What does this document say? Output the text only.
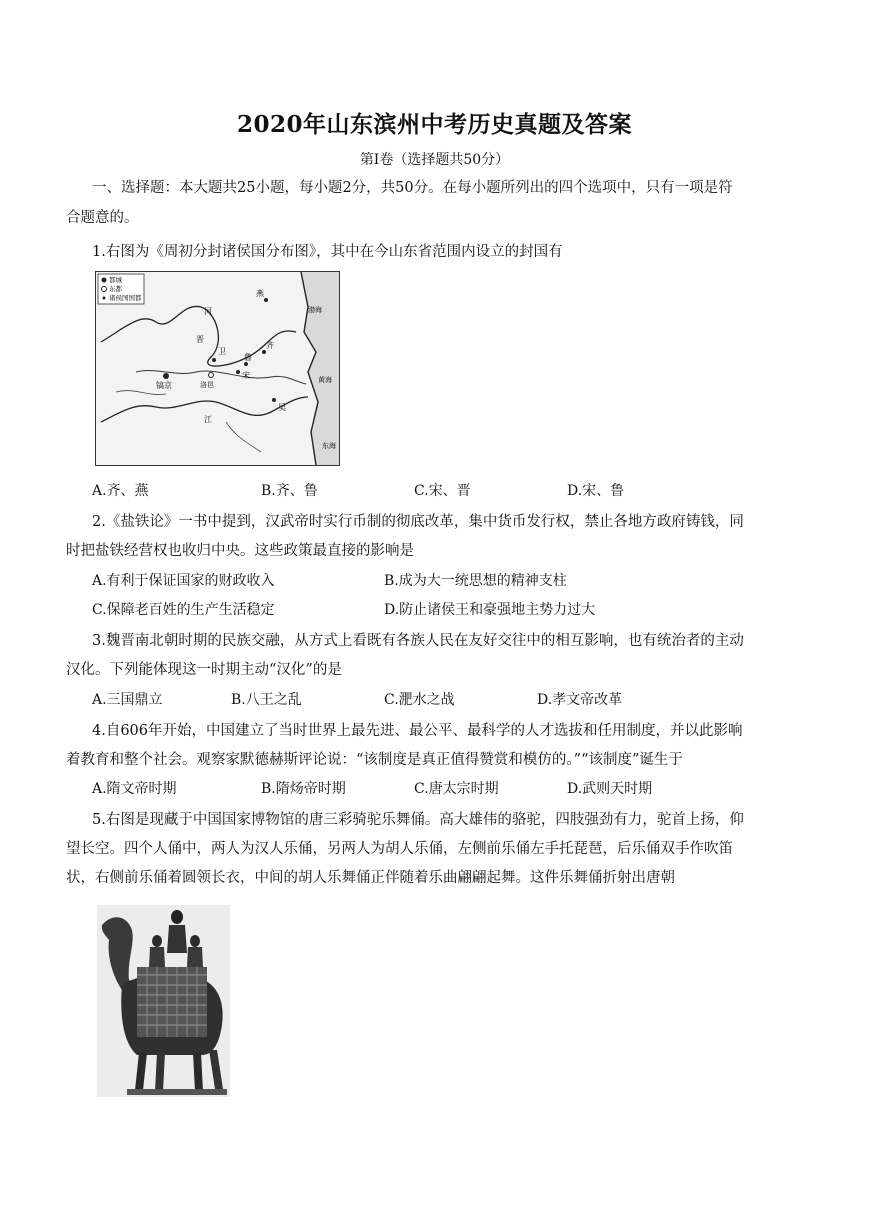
2020年山东滨州中考历史真题及答案
第Ⅰ卷（选择题共50分）
一、选择题：本大题共25小题，每小题2分，共50分。在每小题所列出的四个选项中，只有一项是符
合题意的。
1.右图为《周初分封诸侯国分布图》，其中在今山东省范围内设立的封国有
都城
东都
诸侯国国都	燕
齐
鲁
宋
卫
晋
吴
镐京	洛邑
河
江
黄海
东海
渤海
A.齐、燕	B.齐、鲁	C.宋、晋	D.宋、鲁
2.《盐铁论》一书中提到，汉武帝时实行币制的彻底改革，集中货币发行权，禁止各地方政府铸钱，同
时把盐铁经营权也收归中央。这些政策最直接的影响是
A.有利于保证国家的财政收入	B.成为大一统思想的精神支柱
C.保障老百姓的生产生活稳定	D.防止诸侯王和豪强地主势力过大
3.魏晋南北朝时期的民族交融，从方式上看既有各族人民在友好交往中的相互影响，也有统治者的主动
汉化。下列能体现这一时期主动“汉化”的是
A.三国鼎立	B.八王之乱	C.淝水之战	D.孝文帝改革
4.自606年开始，中国建立了当时世界上最先进、最公平、最科学的人才选拔和任用制度，并以此影响
着教育和整个社会。观察家默德赫斯评论说：“该制度是真正值得赞赏和模仿的。”“该制度”诞生于
A.隋文帝时期	B.隋炀帝时期	C.唐太宗时期	D.武则天时期
5.右图是现藏于中国国家博物馆的唐三彩骑驼乐舞俑。高大雄伟的骆驼，四肢强劲有力，驼首上扬，仰
望长空。四个人俑中，两人为汉人乐俑，另两人为胡人乐俑，左侧前乐俑左手托琵琶，后乐俑双手作吹笛
状，右侧前乐俑着圆领长衣，中间的胡人乐舞俑正伴随着乐曲翩翩起舞。这件乐舞俑折射出唐朝
